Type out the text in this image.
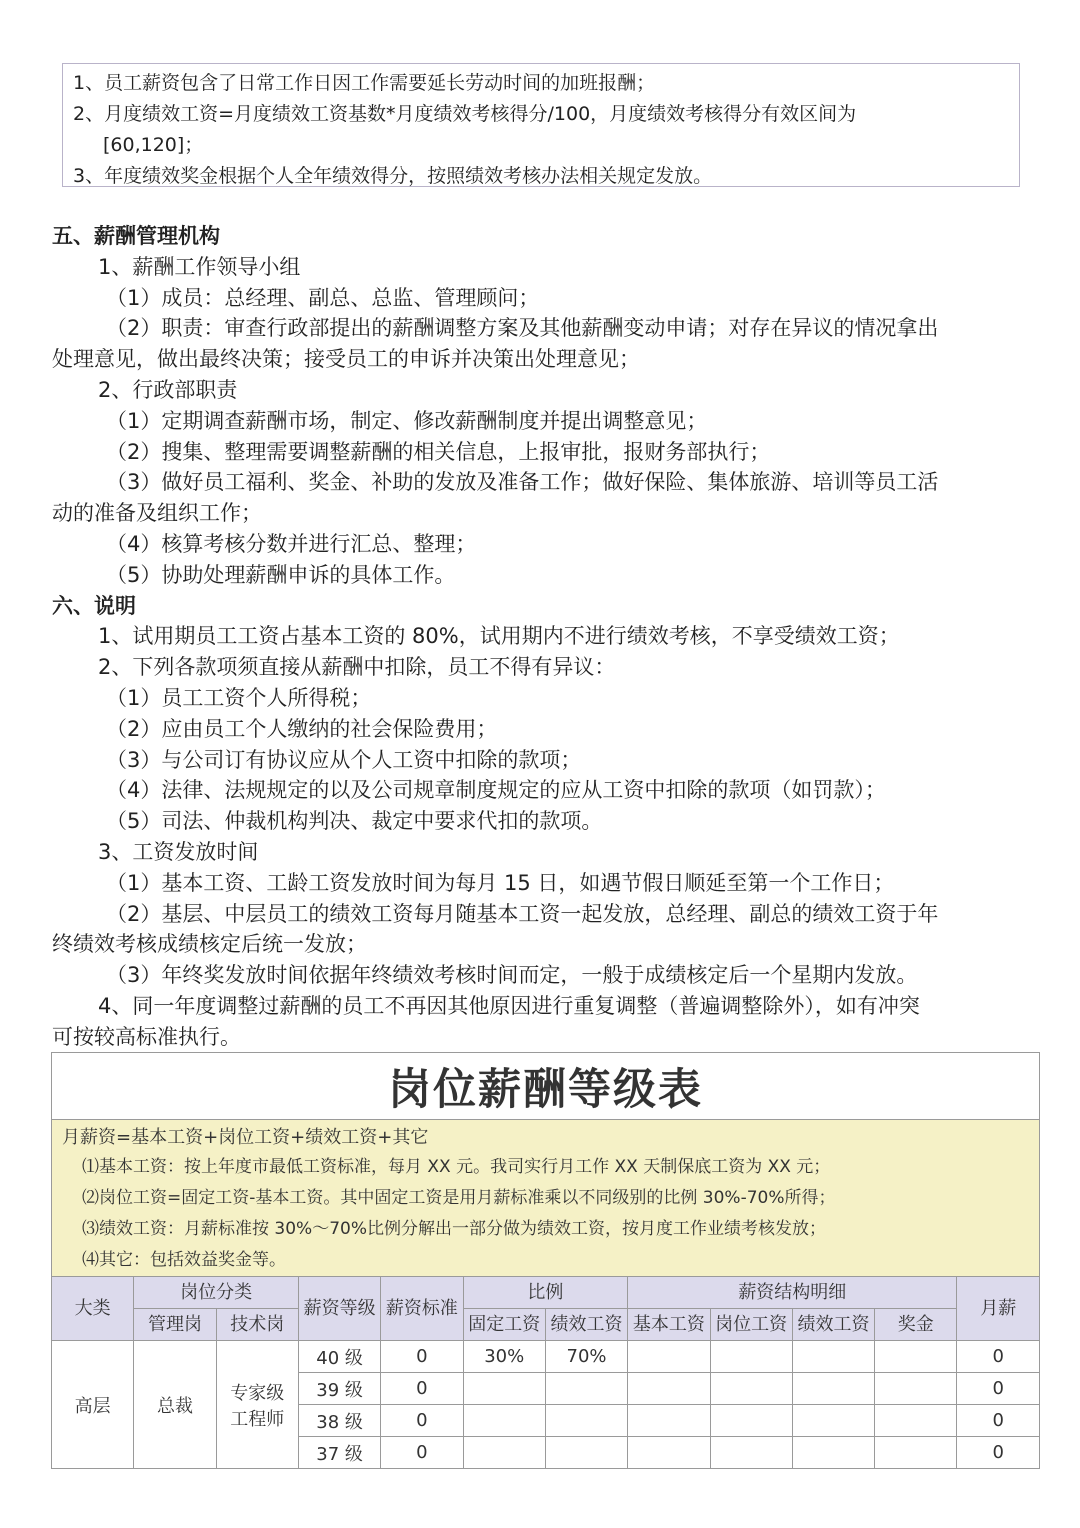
1、员工薪资包含了日常工作日因工作需要延长劳动时间的加班报酬；

2、月度绩效工资=月度绩效工资基数*月度绩效考核得分/100，月度绩效考核得分有效区间为

[60,120]；

3、年度绩效奖金根据个人全年绩效得分，按照绩效考核办法相关规定发放。

五、薪酬管理机构

1、薪酬工作领导小组

（1）成员：总经理、副总、总监、管理顾问；

（2）职责：审查行政部提出的薪酬调整方案及其他薪酬变动申请；对存在异议的情况拿出

处理意见，做出最终决策；接受员工的申诉并决策出处理意见；

2、行政部职责

（1）定期调查薪酬市场，制定、修改薪酬制度并提出调整意见；

（2）搜集、整理需要调整薪酬的相关信息，上报审批，报财务部执行；

（3）做好员工福利、奖金、补助的发放及准备工作；做好保险、集体旅游、培训等员工活

动的准备及组织工作；

（4）核算考核分数并进行汇总、整理；

（5）协助处理薪酬申诉的具体工作。

六、说明

1、试用期员工工资占基本工资的 80%，试用期内不进行绩效考核，不享受绩效工资；

2、下列各款项须直接从薪酬中扣除，员工不得有异议：

（1）员工工资个人所得税；

（2）应由员工个人缴纳的社会保险费用；

（3）与公司订有协议应从个人工资中扣除的款项；

（4）法律、法规规定的以及公司规章制度规定的应从工资中扣除的款项（如罚款）；

（5）司法、仲裁机构判决、裁定中要求代扣的款项。

3、工资发放时间

（1）基本工资、工龄工资发放时间为每月 15 日，如遇节假日顺延至第一个工作日；

（2）基层、中层员工的绩效工资每月随基本工资一起发放，总经理、副总的绩效工资于年

终绩效考核成绩核定后统一发放；

（3）年终奖发放时间依据年终绩效考核时间而定，一般于成绩核定后一个星期内发放。

4、同一年度调整过薪酬的员工不再因其他原因进行重复调整（普遍调整除外），如有冲突

可按较高标准执行。

岗位薪酬等级表											

月薪资=基本工资+岗位工资+绩效工资+其它
⑴基本工资：按上年度市最低工资标准，每月 XX 元。我司实行月工作 XX 天制保底工资为 XX 元；
⑵岗位工资=固定工资-基本工资。其中固定工资是用月薪标准乘以不同级别的比例 30%-70%所得；
⑶绩效工资：月薪标准按 30%～70%比例分解出一部分做为绩效工资，按月度工作业绩考核发放；
⑷其它：包括效益奖金等。											

大类	岗位分类		薪资等级	薪资标准	比例		薪资结构明细				月薪
	管理岗	技术岗			固定工资	绩效工资	基本工资	岗位工资	绩效工资	奖金	
高层	总裁	专家级工程师	40 级	0	30%	70%					0
			39 级	0							0
			38 级	0							0
			37 级	0							0
